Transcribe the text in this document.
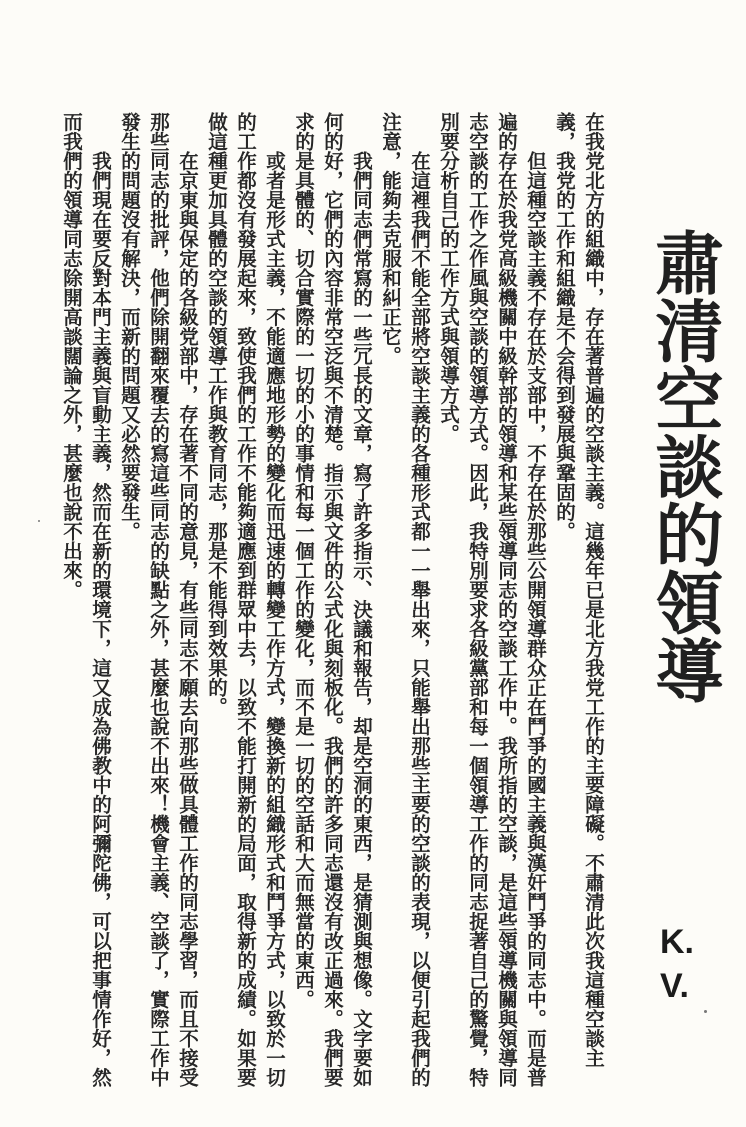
肅清空談的領導
K.
V.

在我党北方的組織中，存在著普遍的空談主義。這幾年已是北方我党工作的主要障礙。不肅清此次我這種空談主義，我党的工作和組織是不会得到發展與鞏固的。

但這種空談主義不存在於支部中，不存在於那些公開領導群众正在鬥爭的國主義與漢奸鬥爭的同志中。而是普遍的存在於我党高級機關中級幹部的領導和某些領導同志的空談工作中。我所指的空談，是這些領導機關與領導同志空談的工作之作風與空談的領導方式。因此，我特別要求各級黨部和每一個領導工作的同志捉著自己的驚覺，特別要分析自己的工作方式與領導方式。

在這裡我們不能全部將空談主義的各種形式都一一舉出來，只能舉出那些主要的空談的表現，以便引起我們的注意，能夠去克服和糾正它。

我們同志們常寫的一些冗長的文章，寫了許多指示、決議和報告，却是空洞的東西，是猜測與想像。文字要如何的好，它們的內容非常空泛與不清楚。指示與文件的公式化與刻板化。我們的許多同志還沒有改正過來。我們要求的是具體的、切合實際的一切的小的事情和每一個工作的變化，而不是一切的空話和大而無當的東西。

或者是形式主義，不能適應地形勢的變化而迅速的轉變工作方式，變換新的組織形式和鬥爭方式，以致於一切的工作都沒有發展起來，致使我們的工作不能夠適應到群眾中去，以致不能打開新的局面，取得新的成績。如果要做這種更加具體的空談的領導工作與教育同志，那是不能得到效果的。

在京東與保定的各級党部中，存在著不同的意見，有些同志不願去向那些做具體工作的同志學習，而且不接受那些同志的批評，他們除開翻來覆去的寫這些同志的缺點之外，甚麼也說不出來！機會主義、空談了，實際工作中發生的問題沒有解決，而新的問題又必然要發生。

我們現在要反對本門主義與盲動主義，然而在新的環境下，這又成為佛教中的阿彌陀佛，可以把事情作好，然而我們的領導同志除開高談闊論之外，甚麼也說不出來。
